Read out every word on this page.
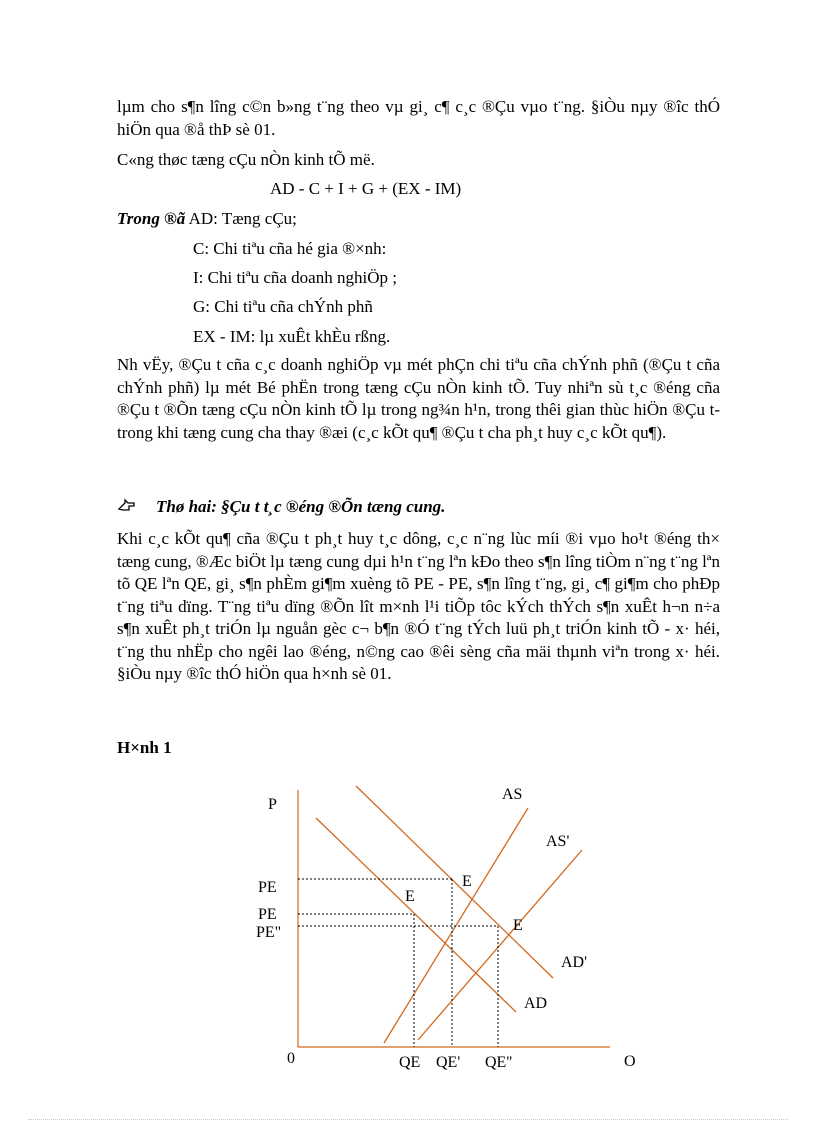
lµm cho s¶n lîng c©n b»ng t¨ng theo vµ gi¸ c¶ c¸c ®Çu vµo t¨ng. §iÒu nµy ®îc thÓ hiÖn qua ®å thÞ sè 01.

C«ng thøc tæng cÇu nÒn kinh tÕ më.
AD - C + I + G + (EX - IM)
Trong ®ã AD: Tæng cÇu;
C: Chi tiªu cña hé gia ®×nh:
I: Chi tiªu cña doanh nghiÖp ;
G: Chi tiªu cña chÝnh phñ
EX - IM: lµ xuÊt khÈu rßng.

Nh vËy, ®Çu t cña c¸c doanh nghiÖp vµ mét phÇn chi tiªu cña chÝnh phñ (®Çu t cña chÝnh phñ) lµ mét Bé phËn trong tæng cÇu nÒn kinh tÕ. Tuy nhiªn sù t¸c ®éng cña ®Çu t ®Õn tæng cÇu nÒn kinh tÕ lµ trong ng¾n h¹n, trong thêi gian thùc hiÖn ®Çu t trong khi tæng cung cha thay ®æi (c¸c kÕt qu¶ ®Çu t cha ph¸t huy c¸c kÕt qu¶).

Thø hai: §Çu t t¸c ®éng ®Õn tæng cung.

Khi c¸c kÕt qu¶ cña ®Çu t ph¸t huy t¸c dông, c¸c n¨ng lùc míi ®i vµo ho¹t ®éng th× tæng cung, ®Æc biÖt lµ tæng cung dµi h¹n t¨ng lªn kÐo theo s¶n lîng tiÒm n¨ng t¨ng lªn tõ QE lªn QE, gi¸ s¶n phÈm gi¶m xuèng tõ PE - PE, s¶n lîng t¨ng, gi¸ c¶ gi¶m cho phÐp t¨ng tiªu dïng. T¨ng tiªu dïng ®Õn lît m×nh l¹i tiÕp tôc kÝch thÝch s¶n xuÊt h¬n n÷a s¶n xuÊt ph¸t triÓn lµ nguån gèc c¬ b¶n ®Ó t¨ng tÝch luü ph¸t triÓn kinh tÕ - x· héi, t¨ng thu nhËp cho ngêi lao ®éng, n©ng cao ®êi sèng cña mäi thµnh viªn trong x· héi. §iÒu nµy ®îc thÓ hiÖn qua h×nh sè 01.

H×nh 1
P
O
0
AS
AS'
AD'
AD
PE
PE
PE"
QE QE' QE''
E
E
E
